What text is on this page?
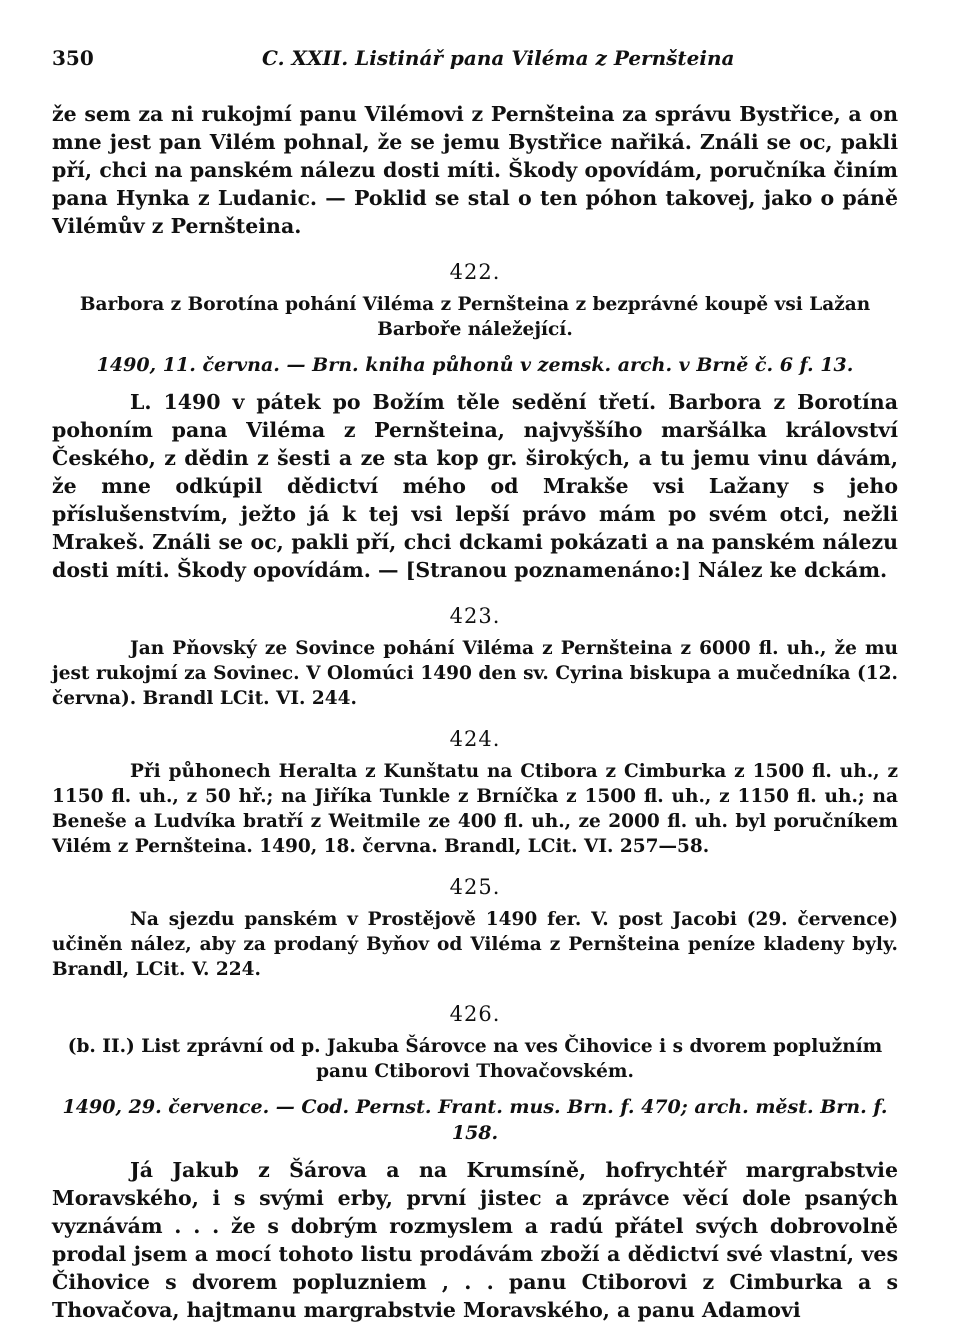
350	C. XXII. Listinář pana Viléma z Pernšteina

že sem za ni rukojmí panu Vilémovi z Pernšteina za správu Bystřice, a on mne jest pan Vilém pohnal, že se jemu Bystřice nařiká. Ználi se oc, pakli pří, chci na panském nálezu dosti míti. Škody opovídám, poručníka činím pana Hynka z Ludanic. — Poklid se stal o ten póhon takovej, jako o páně Vilémův z Pernšteina.

422.

Barbora z Borotína pohání Viléma z Pernšteina z bezprávné koupě vsi Lažan Barboře náležející.

1490, 11. června. — Brn. kniha půhonů v zemsk. arch. v Brně č. 6 f. 13.

L. 1490 v pátek po Božím těle sedění třetí. Barbora z Borotína pohoním pana Viléma z Pernšteina, najvyššího maršálka království Českého, z dědin z šesti a ze sta kop gr. širokých, a tu jemu vinu dávám, že mne odkúpil dědictví mého od Mrakše vsi Lažany s jeho příslušenstvím, ježto já k tej vsi lepší právo mám po svém otci, nežli Mrakeš. Ználi se oc, pakli pří, chci dckami pokázati a na panském nálezu dosti míti. Škody opovídám. — [Stranou poznamenáno:] Nález ke dckám.

423.

Jan Pňovský ze Sovince pohání Viléma z Pernšteina z 6000 fl. uh., že mu jest rukojmí za Sovinec. V Olomúci 1490 den sv. Cyrina biskupa a mučedníka (12. června). Brandl LCit. VI. 244.

424.

Při půhonech Heralta z Kunštatu na Ctibora z Cimburka z 1500 fl. uh., z 1150 fl. uh., z 50 hř.; na Jiříka Tunkle z Brníčka z 1500 fl. uh., z 1150 fl. uh.; na Beneše a Ludvíka bratří z Weitmile ze 400 fl. uh., ze 2000 fl. uh. byl poručníkem Vilém z Pernšteina. 1490, 18. června. Brandl, LCit. VI. 257—58.

425.

Na sjezdu panském v Prostějově 1490 fer. V. post Jacobi (29. července) učiněn nález, aby za prodaný Byňov od Viléma z Pernšteina peníze kladeny byly. Brandl, LCit. V. 224.

426.

(b. II.) List zprávní od p. Jakuba Šárovce na ves Čihovice i s dvorem poplužním panu Ctiborovi Thovačovském.

1490, 29. července. — Cod. Pernst. Frant. mus. Brn. f. 470; arch. měst. Brn. f. 158.

Já Jakub z Šárova a na Krumsíně, hofrychtéř margrabstvie Moravského, i s svými erby, první jistec a zprávce věcí dole psaných vyznávám . . . že s dobrým rozmyslem a radú přátel svých dobrovolně prodal jsem a mocí tohoto listu prodávám zboží a dědictví své vlastní, ves Čihovice s dvorem popluzniem , . . panu Ctiborovi z Cimburka a s Thovačova, hajtmanu margrabstvie Moravského, a panu Adamovi
